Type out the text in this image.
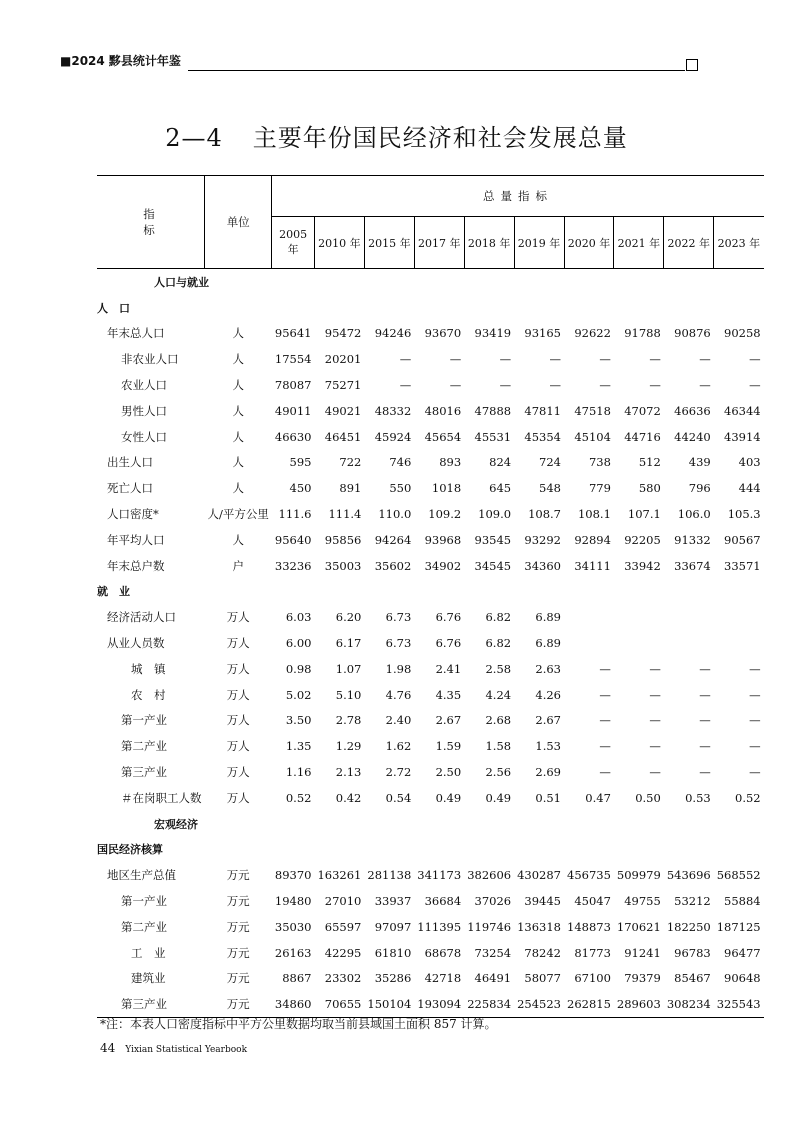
■2024 黟县统计年鉴
2—4 主要年份国民经济和社会发展总量
指 标	单位	总量指标									
		2005 年	2010 年	2015 年	2017 年	2018 年	2019 年	2020 年	2021 年	2022 年	2023 年
人口与就业											
人　口											
年末总人口	人	95641	95472	94246	93670	93419	93165	92622	91788	90876	90258
非农业人口	人	17554	20201	—	—	—	—	—	—	—	—
农业人口	人	78087	75271	—	—	—	—	—	—	—	—
男性人口	人	49011	49021	48332	48016	47888	47811	47518	47072	46636	46344
女性人口	人	46630	46451	45924	45654	45531	45354	45104	44716	44240	43914
出生人口	人	595	722	746	893	824	724	738	512	439	403
死亡人口	人	450	891	550	1018	645	548	779	580	796	444
人口密度*	人/平方公里	111.6	111.4	110.0	109.2	109.0	108.7	108.1	107.1	106.0	105.3
年平均人口	人	95640	95856	94264	93968	93545	93292	92894	92205	91332	90567
年末总户数	户	33236	35003	35602	34902	34545	34360	34111	33942	33674	33571
就　业											
经济活动人口	万人	6.03	6.20	6.73	6.76	6.82	6.89				
从业人员数	万人	6.00	6.17	6.73	6.76	6.82	6.89				
城　镇	万人	0.98	1.07	1.98	2.41	2.58	2.63	—	—	—	—
农　村	万人	5.02	5.10	4.76	4.35	4.24	4.26	—	—	—	—
第一产业	万人	3.50	2.78	2.40	2.67	2.68	2.67	—	—	—	—
第二产业	万人	1.35	1.29	1.62	1.59	1.58	1.53	—	—	—	—
第三产业	万人	1.16	2.13	2.72	2.50	2.56	2.69	—	—	—	—
＃在岗职工人数	万人	0.52	0.42	0.54	0.49	0.49	0.51	0.47	0.50	0.53	0.52
宏观经济											
国民经济核算											
地区生产总值	万元	89370	163261	281138	341173	382606	430287	456735	509979	543696	568552
第一产业	万元	19480	27010	33937	36684	37026	39445	45047	49755	53212	55884
第二产业	万元	35030	65597	97097	111395	119746	136318	148873	170621	182250	187125
工　业	万元	26163	42295	61810	68678	73254	78242	81773	91241	96783	96477
建筑业	万元	8867	23302	35286	42718	46491	58077	67100	79379	85467	90648
第三产业	万元	34860	70655	150104	193094	225834	254523	262815	289603	308234	325543
*注：本表人口密度指标中平方公里数据均取当前县域国土面积 857 计算。
44 Yixian Statistical Yearbook
